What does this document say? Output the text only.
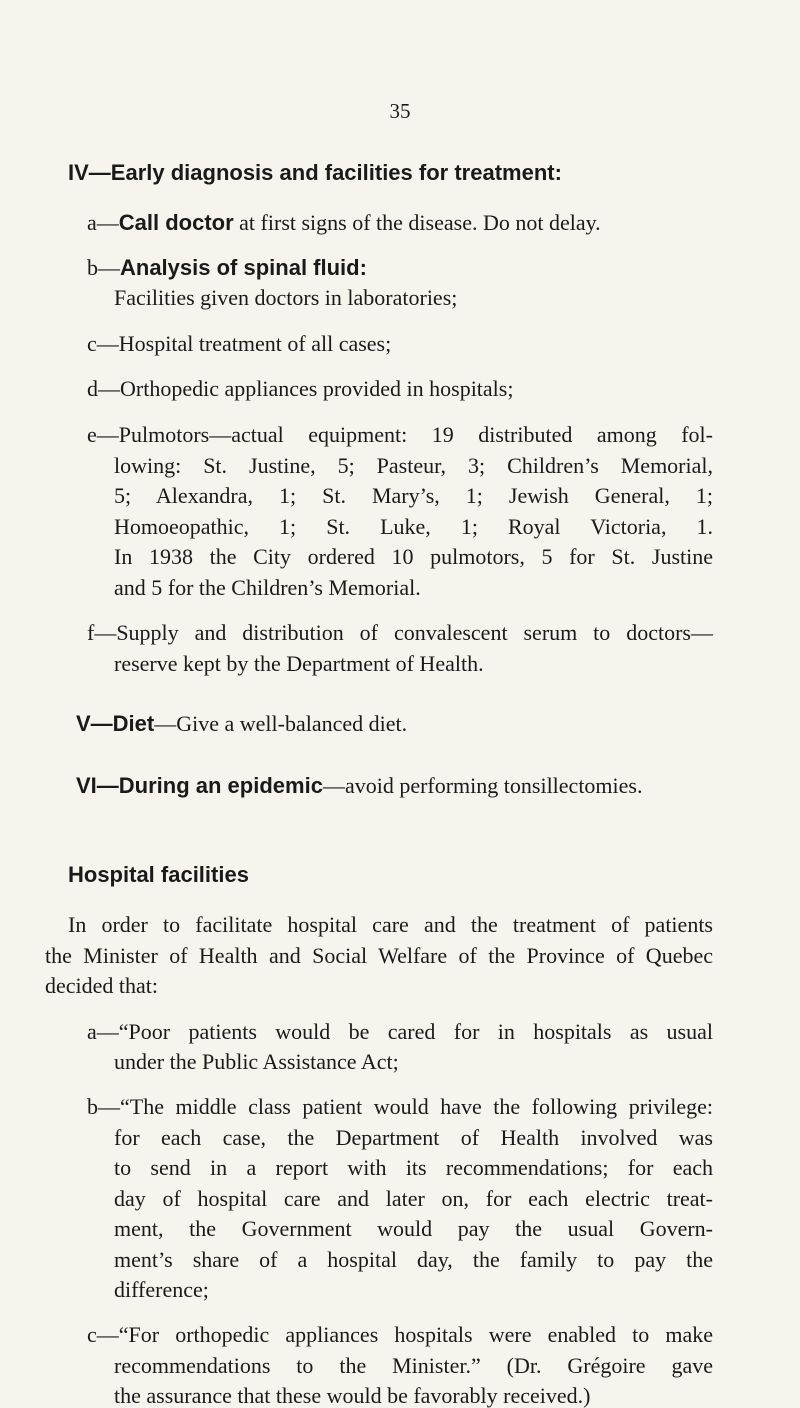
35
IV—Early diagnosis and facilities for treatment:
a—Call doctor at first signs of the disease. Do not delay.
b—Analysis of spinal fluid:
Facilities given doctors in laboratories;
c—Hospital treatment of all cases;
d—Orthopedic appliances provided in hospitals;
e—Pulmotors—actual equipment: 19 distributed among fol-
lowing: St. Justine, 5; Pasteur, 3; Children’s Memorial,
5; Alexandra, 1; St. Mary’s, 1; Jewish General, 1;
Homoeopathic, 1; St. Luke, 1; Royal Victoria, 1.
In 1938 the City ordered 10 pulmotors, 5 for St. Justine
and 5 for the Children’s Memorial.
f—Supply and distribution of convalescent serum to doctors—
reserve kept by the Department of Health.
V—Diet—Give a well-balanced diet.
VI—During an epidemic—avoid performing tonsillectomies.
Hospital facilities
In order to facilitate hospital care and the treatment of patients
the Minister of Health and Social Welfare of the Province of Quebec
decided that:
a—“Poor patients would be cared for in hospitals as usual
under the Public Assistance Act;
b—“The middle class patient would have the following privilege:
for each case, the Department of Health involved was
to send in a report with its recommendations; for each
day of hospital care and later on, for each electric treat-
ment, the Government would pay the usual Govern-
ment’s share of a hospital day, the family to pay the
difference;
c—“For orthopedic appliances hospitals were enabled to make
recommendations to the Minister.” (Dr. Grégoire gave
the assurance that these would be favorably received.)
